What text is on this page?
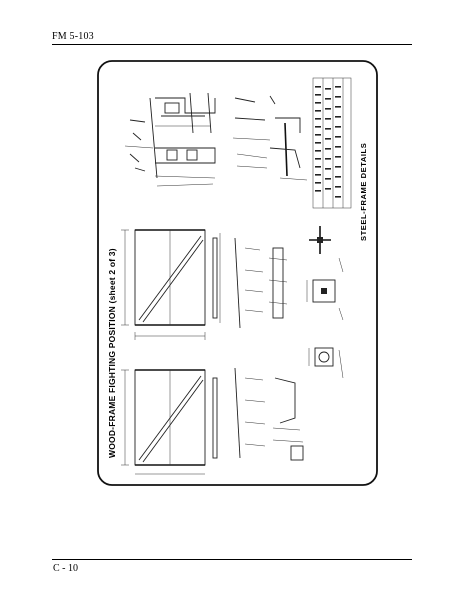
FM 5-103
WOOD-FRAME FIGHTING POSITION (sheet 2 of 3)
STEEL-FRAME DETAILS
C - 10
